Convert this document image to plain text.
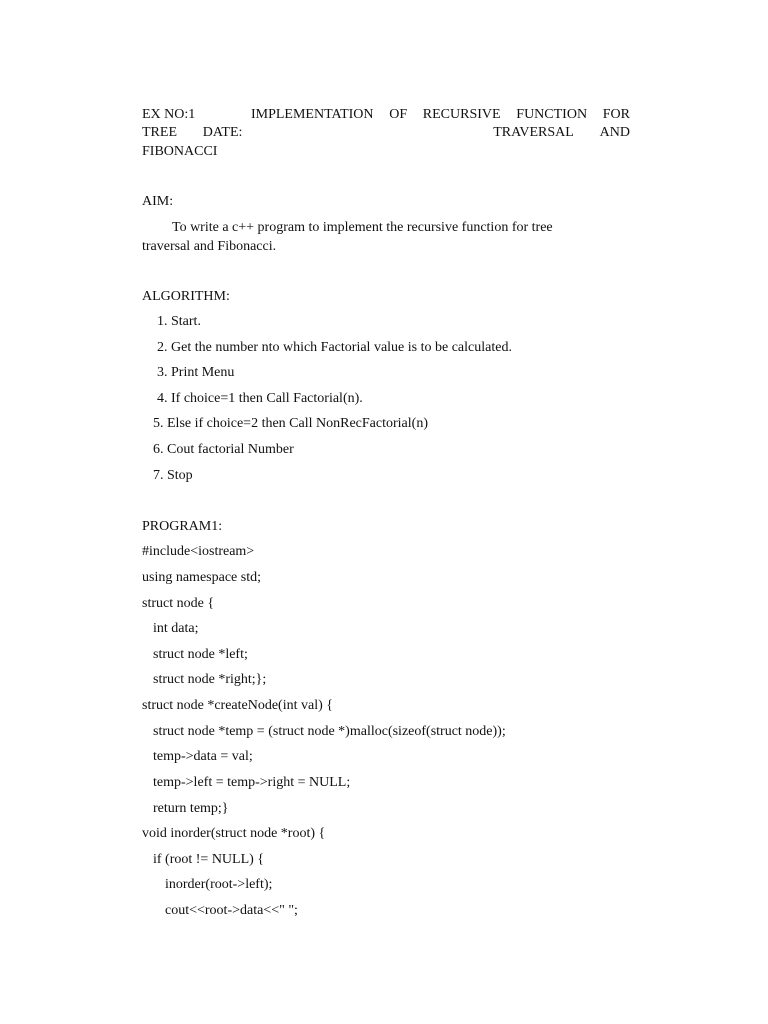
EX NO:1	IMPLEMENTATION OF RECURSIVE FUNCTION FOR
TREE DATE:	TRAVERSAL AND
FIBONACCI
AIM:
To write a c++ program to implement the recursive function for tree
traversal and Fibonacci.
ALGORITHM:
1. Start.
2. Get the number nto which Factorial value is to be calculated.
3. Print Menu
4. If choice=1 then Call Factorial(n).
5. Else if choice=2 then Call NonRecFactorial(n)
6. Cout factorial Number
7. Stop
PROGRAM1:
#include<iostream>
using namespace std;
struct node {
int data;
struct node *left;
struct node *right;};
struct node *createNode(int val) {
struct node *temp = (struct node *)malloc(sizeof(struct node));
temp->data = val;
temp->left = temp->right = NULL;
return temp;}
void inorder(struct node *root) {
if (root != NULL) {
inorder(root->left);
cout<<root->data<<" ";
